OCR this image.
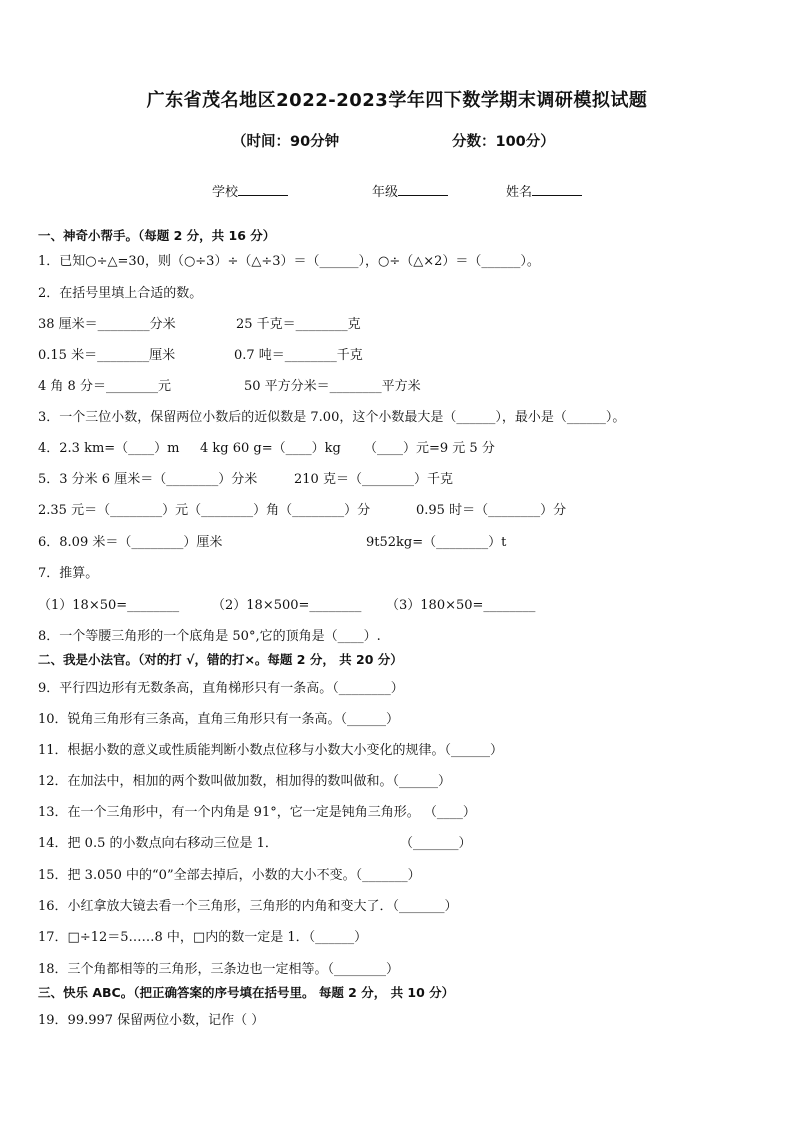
广东省茂名地区2022-2023学年四下数学期末调研模拟试题
（时间：90分钟	分数：100分）
学校	年级	姓名
一、神奇小帮手。（每题 2 分，共 16 分）
1．已知○÷△=30，则（○÷3）÷（△÷3）＝（______），○÷（△×2）＝（______）。
2．在括号里填上合适的数。
38 厘米＝________分米	25 千克＝________克
0.15 米＝________厘米	0.7 吨＝________千克
4 角 8 分＝________元	50 平方分米＝________平方米
3．一个三位小数，保留两位小数后的近似数是 7.00，这个小数最大是（______），最小是（______）。
4．2.3 km=（____）m 4 kg 60 g=（____）kg （____）元=9 元 5 分
5．3 分米 6 厘米＝（________）分米	210 克＝（________）千克
2.35 元＝（________）元（________）角（________）分	0.95 时＝（________）分
6．8.09 米＝（________）厘米	9t52kg=（________）t
7．推算。
（1）18×50=________	（2）18×500=________ （3）180×50=________
8．一个等腰三角形的一个底角是 50°,它的顶角是（____）.
二、我是小法官。（对的打 √，错的打×。每题 2 分， 共 20 分）
9．平行四边形有无数条高，直角梯形只有一条高。（________）
10．锐角三角形有三条高，直角三角形只有一条高。（______）
11．根据小数的意义或性质能判断小数点位移与小数大小变化的规律。（______）
12．在加法中，相加的两个数叫做加数，相加得的数叫做和。（______）
13．在一个三角形中，有一个内角是 91°，它一定是钝角三角形。 （____）
14．把 0.5 的小数点向右移动三位是 1．	（_______）
15．把 3.050 中的“0”全部去掉后，小数的大小不变。（_______）
16．小红拿放大镜去看一个三角形，三角形的内角和变大了．（_______）
17．□÷12＝5……8 中，□内的数一定是 1．（______）
18．三个角都相等的三角形，三条边也一定相等。（________）
三、快乐 ABC。（把正确答案的序号填在括号里。 每题 2 分， 共 10 分）
19．99.997 保留两位小数，记作（ ）
